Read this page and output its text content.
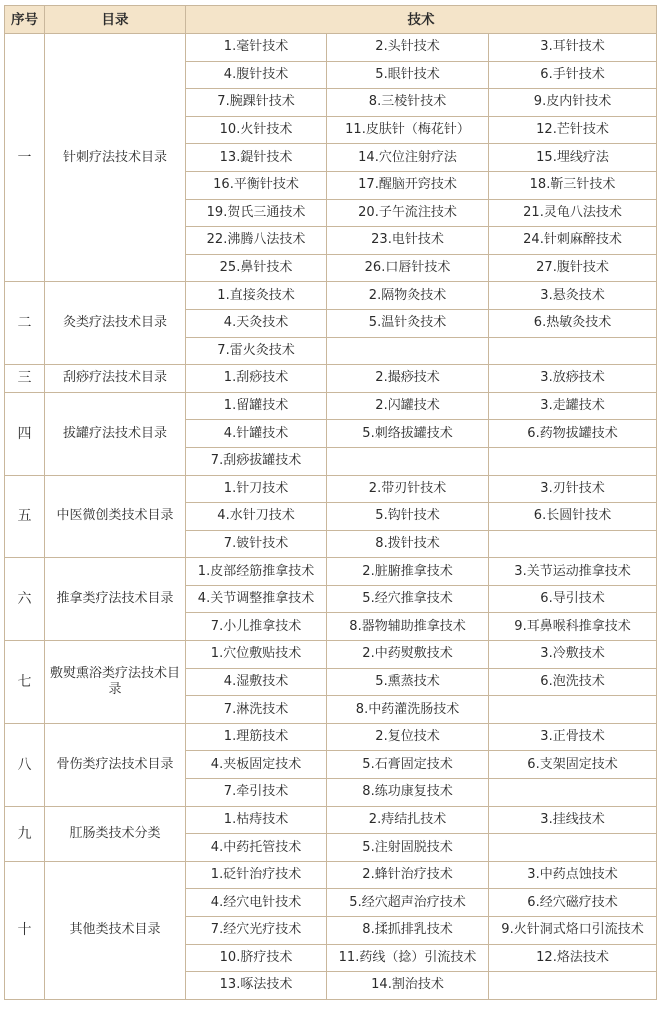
序号	目录	技术		
一	针刺疗法技术目录	1.毫针技术	2.头针技术	3.耳针技术
		4.腹针技术	5.眼针技术	6.手针技术
		7.腕踝针技术	8.三棱针技术	9.皮内针技术
		10.火针技术	11.皮肤针（梅花针）	12.芒针技术
		13.鍉针技术	14.穴位注射疗法	15.埋线疗法
		16.平衡针技术	17.醒脑开窍技术	18.靳三针技术
		19.贺氏三通技术	20.子午流注技术	21.灵龟八法技术
		22.沸腾八法技术	23.电针技术	24.针刺麻醉技术
		25.鼻针技术	26.口唇针技术	27.腹针技术
二	灸类疗法技术目录	1.直接灸技术	2.隔物灸技术	3.悬灸技术
		4.天灸技术	5.温针灸技术	6.热敏灸技术
		7.雷火灸技术		
三	刮痧疗法技术目录	1.刮痧技术	2.撮痧技术	3.放痧技术
四	拔罐疗法技术目录	1.留罐技术	2.闪罐技术	3.走罐技术
		4.针罐技术	5.刺络拔罐技术	6.药物拔罐技术
		7.刮痧拔罐技术		
五	中医微创类技术目录	1.针刀技术	2.带刃针技术	3.刃针技术
		4.水针刀技术	5.钩针技术	6.长圆针技术
		7.铍针技术	8.拨针技术	
六	推拿类疗法技术目录	1.皮部经筋推拿技术	2.脏腑推拿技术	3.关节运动推拿技术
		4.关节调整推拿技术	5.经穴推拿技术	6.导引技术
		7.小儿推拿技术	8.器物辅助推拿技术	9.耳鼻喉科推拿技术
七	敷熨熏浴类疗法技术目录	1.穴位敷贴技术	2.中药熨敷技术	3.冷敷技术
		4.湿敷技术	5.熏蒸技术	6.泡洗技术
		7.淋洗技术	8.中药灌洗肠技术	
八	骨伤类疗法技术目录	1.理筋技术	2.复位技术	3.正骨技术
		4.夹板固定技术	5.石膏固定技术	6.支架固定技术
		7.牵引技术	8.练功康复技术	
九	肛肠类技术分类	1.枯痔技术	2.痔结扎技术	3.挂线技术
		4.中药托管技术	5.注射固脱技术	
十	其他类技术目录	1.砭针治疗技术	2.蜂针治疗技术	3.中药点蚀技术
		4.经穴电针技术	5.经穴超声治疗技术	6.经穴磁疗技术
		7.经穴光疗技术	8.揉抓排乳技术	9.火针洞式烙口引流技术
		10.脐疗技术	11.药线（捻）引流技术	12.烙法技术
		13.啄法技术	14.割治技术	
